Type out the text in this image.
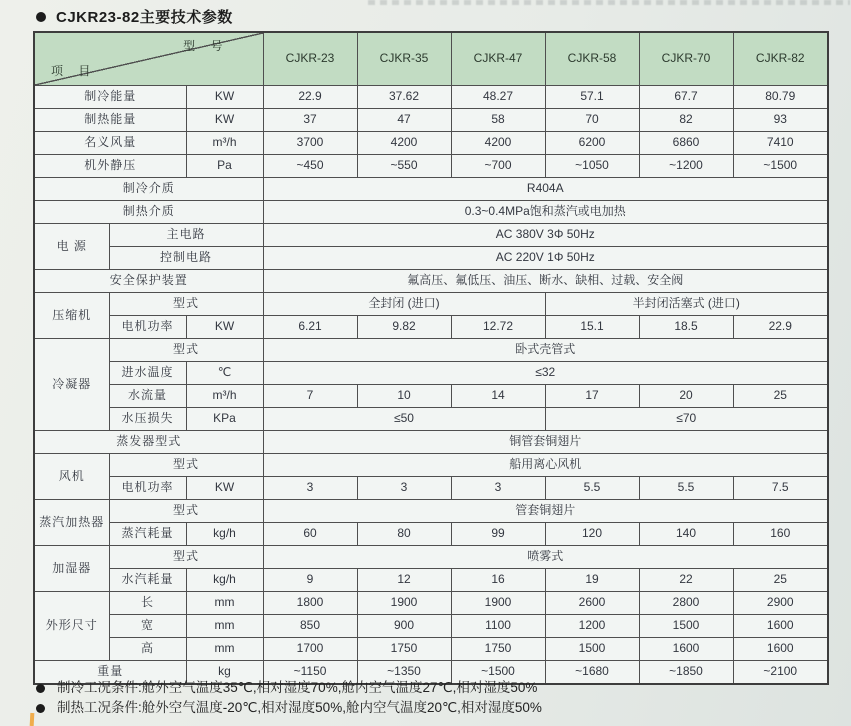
CJKR23-82主要技术参数
型 号
项 目			CJKR-23	CJKR-35	CJKR-47	CJKR-58	CJKR-70	CJKR-82
制冷能量		KW	22.9	37.62	48.27	57.1	67.7	80.79
制热能量		KW	37	47	58	70	82	93
名义风量		m³/h	3700	4200	4200	6200	6860	7410
机外静压		Pa	~450	~550	~700	~1050	~1200	~1500
制冷介质			R404A					
制热介质			0.3~0.4MPa饱和蒸汽或电加热					
电 源	主电路		AC 380V 3Φ 50Hz					
	控制电路		AC 220V 1Φ 50Hz					
安全保护装置			氟高压、氟低压、油压、断水、缺相、过载、安全阀					
压缩机	型式		全封闭 (进口)			半封闭活塞式 (进口)		
	电机功率	KW	6.21	9.82	12.72	15.1	18.5	22.9
冷凝器	型式		卧式壳管式					
	进水温度	℃	≤32					
	水流量	m³/h	7	10	14	17	20	25
	水压损失	KPa	≤50			≤70		
蒸发器型式			铜管套铜翅片					
风机	型式		船用离心风机					
	电机功率	KW	3	3	3	5.5	5.5	7.5
蒸汽加热器	型式		管套铜翅片					
	蒸汽耗量	kg/h	60	80	99	120	140	160
加湿器	型式		喷雾式					
	水汽耗量	kg/h	9	12	16	19	22	25
外形尺寸	长	mm	1800	1900	1900	2600	2800	2900
	宽	mm	850	900	1100	1200	1500	1600
	高	mm	1700	1750	1750	1500	1600	1600
重量		kg	~1150	~1350	~1500	~1680	~1850	~2100
制冷工况条件:舱外空气温度35℃,相对湿度70%,舱内空气温度27℃,相对湿度50%
制热工况条件:舱外空气温度-20℃,相对湿度50%,舱内空气温度20℃,相对湿度50%
